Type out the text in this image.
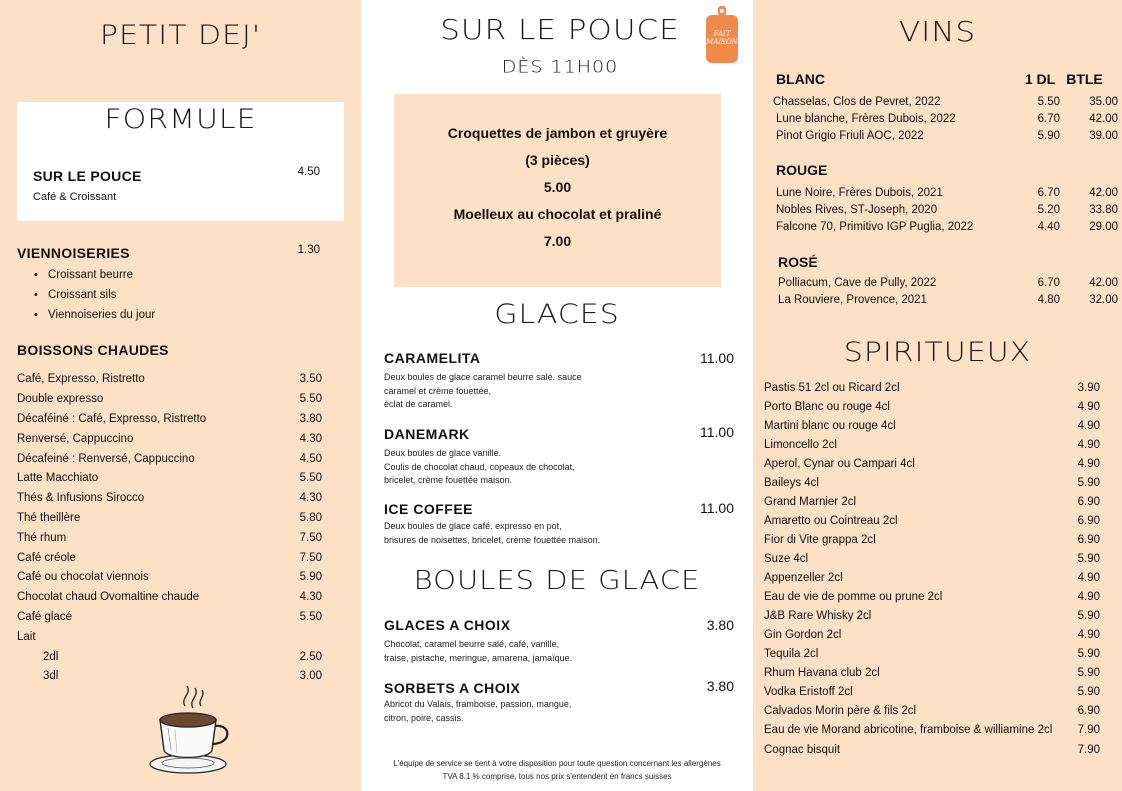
PETIT DEJ'
FORMULE
SUR LE POUCE
Café & Croissant
4.50
VIENNOISERIES	1.30
• Croissant beurre
• Croissant sils
• Viennoiseries du jour
BOISSONS CHAUDES
Café, Expresso, Ristretto	3.50
Double expresso	5.50
Décaféiné : Café, Expresso, Ristretto	3.80
Renversé, Cappuccino	4.30
Décafeiné : Renversé, Cappuccino	4.50
Latte Macchiato	5.50
Thés & Infusions Sirocco	4.30
Thé theillère	5.80
Thé rhum	7.50
Café créole	7.50
Café ou chocolat viennois	5.90
Chocolat chaud Ovomaltine chaude	4.30
Café glacé	5.50
Lait
2dl	2.50
3dl	3.00
SUR LE POUCE
DÈS 11H00
FAIT MAISON
Croquettes de jambon et gruyère
(3 pièces)
5.00
Moelleux au chocolat et praliné
7.00
GLACES
CARAMELITA	11.00
Deux boules de glace caramel beurre salé. sauce
caramel et crème fouettée,
éclat de caramel.
DANEMARK	11.00
Deux boules de glace vanille.
Coulis de chocolat chaud, copeaux de chocolat,
bricelet, crème fouettée maison.
ICE COFFEE	11.00
Deux boules de glace café. expresso en pot,
brisures de noisettes, bricelet, crème fouettée maison.
BOULES DE GLACE
GLACES A CHOIX	3.80
Chocolat, caramel beurre salé, café, vanille,
fraise, pistache, meringue, amarena, jamaïque.
SORBETS A CHOIX	3.80
Abricot du Valais, framboise, passion, mangue,
citron, poire, cassis.
L'équipe de service se tient à votre disposition pour toute question concernant les allergènes
TVA 8.1 % comprise, tous nos prix s'entendent en francs suisses
VINS
BLANC	1 DL BTLE
Chasselas, Clos de Pevret, 2022	5.50	35.00
Lune blanche, Frères Dubois, 2022	6.70	42.00
Pinot Grigio Friuli AOC, 2022	5.90	39.00
ROUGE
Lune Noire, Frères Dubois, 2021	6.70	42.00
Nobles Rives, ST-Joseph, 2020	5.20	33.80
Falcone 70, Primitivo IGP Puglia, 2022	4.40	29.00
ROSÉ
Polliacum, Cave de Pully, 2022	6.70	42.00
La Rouviere, Provence, 2021	4.80	32.00
SPIRITUEUX
Pastis 51 2cl ou Ricard 2cl	3.90
Porto Blanc ou rouge 4cl	4.90
Martini blanc ou rouge 4cl	4.90
Limoncello 2cl	4.90
Aperol, Cynar ou Campari 4cl	4.90
Baileys 4cl	5.90
Grand Marnier 2cl	6.90
Amaretto ou Cointreau 2cl	6.90
Fior di Vite grappa 2cl	6.90
Suze 4cl	5.90
Appenzeller 2cl	4.90
Eau de vie de pomme ou prune 2cl	4.90
J&B Rare Whisky 2cl	5.90
Gin Gordon 2cl	4.90
Tequila 2cl	5.90
Rhum Havana club 2cl	5.90
Vodka Eristoff 2cl	5.90
Calvados Morin père & fils 2cl	6.90
Eau de vie Morand abricotine, framboise & williamine 2cl 7.90
Cognac bisquit	7.90
